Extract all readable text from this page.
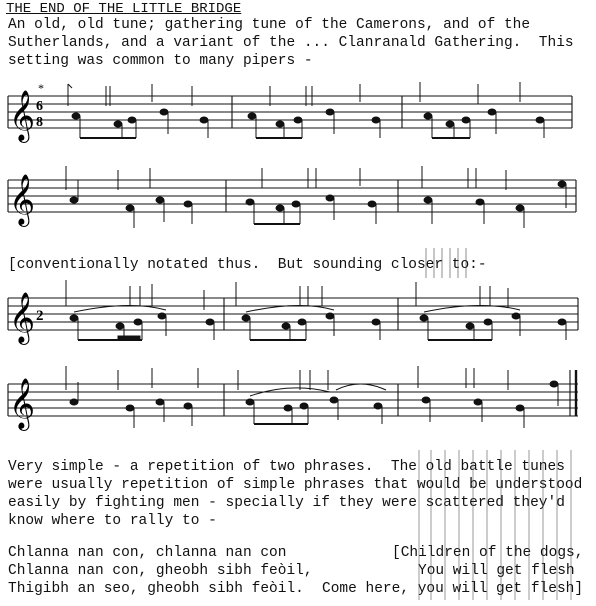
THE END OF THE LITTLE BRIDGE
An old, old tune; gathering tune of the Camerons, and of the
Sutherlands, and a variant of the ... Clanranald Gathering.  This
setting was common to many pipers -
𝄞 6
8
*
𝄞
[conventionally notated thus.  But sounding closer to:-
𝄞 2
𝄞
Very simple - a repetition of two phrases.  The old battle tunes
were usually repetition of simple phrases that would be understood
easily by fighting men - specially if they were scattered they'd
know where to rally to -
Chlanna nan con, chlanna nan con
Chlanna nan con, gheobh sibh feòil,
Thigibh an seo, gheobh sibh feòil.
[Children of the dogs,
You will get flesh
Come here, you will get flesh]
